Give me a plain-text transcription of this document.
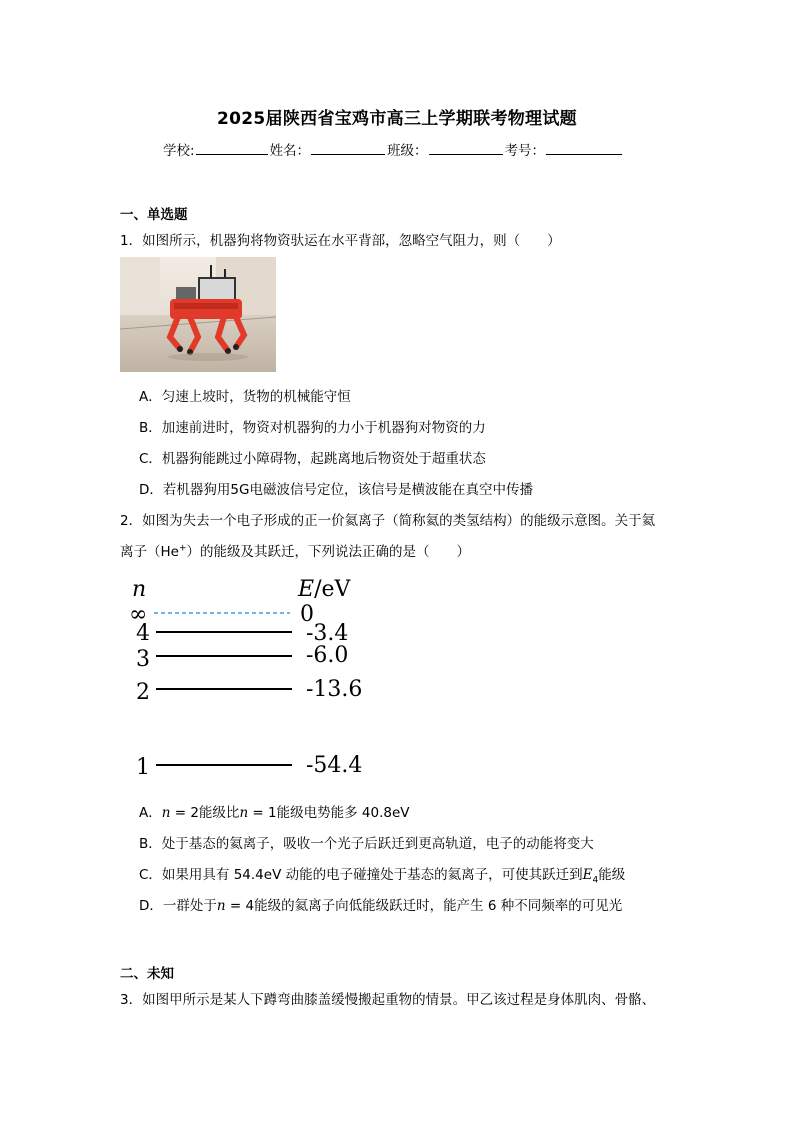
2025届陕西省宝鸡市高三上学期联考物理试题
学校:	姓名：	班级：	考号：
一、单选题
1．如图所示，机器狗将物资驮运在水平背部，忽略空气阻力，则（　　）
A．匀速上坡时，货物的机械能守恒
B．加速前进时，物资对机器狗的力小于机器狗对物资的力
C．机器狗能跳过小障碍物，起跳离地后物资处于超重状态
D．若机器狗用5G电磁波信号定位，该信号是横波能在真空中传播
2．如图为失去一个电子形成的正一价氦离子（简称氦的类氢结构）的能级示意图。关于氦
离子（He+）的能级及其跃迁，下列说法正确的是（　　）
n	E/eV
∞	0
4	-3.4
3	-6.0
2	-13.6
1	-54.4
A．n = 2能级比n = 1能级电势能多 40.8eV
B．处于基态的氦离子，吸收一个光子后跃迁到更高轨道，电子的动能将变大
C．如果用具有 54.4eV 动能的电子碰撞处于基态的氦离子，可使其跃迁到$E_4$能级
D．一群处于n = 4能级的氦离子向低能级跃迁时，能产生 6 种不同频率的可见光
二、未知
3．如图甲所示是某人下蹲弯曲膝盖缓慢搬起重物的情景。甲乙该过程是身体肌肉、骨骼、
